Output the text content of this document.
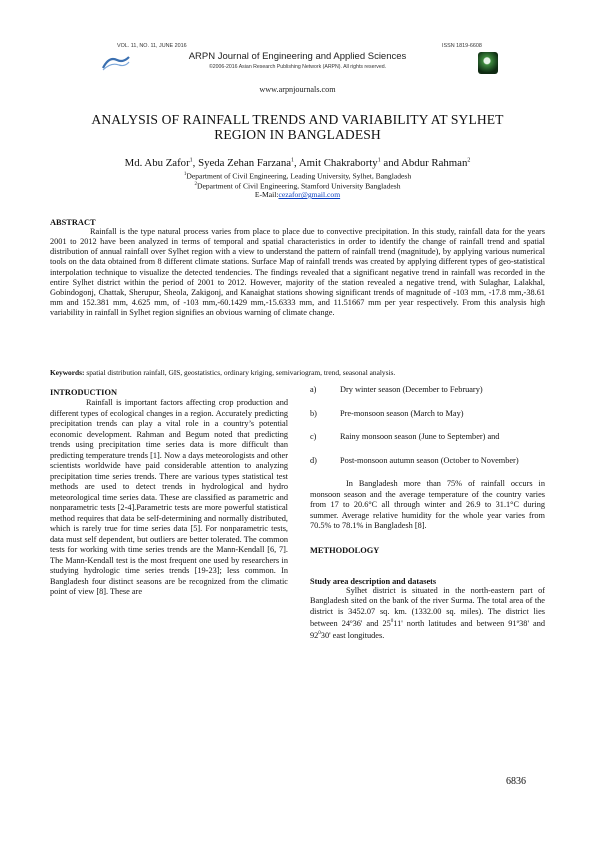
VOL. 11, NO. 11, JUNE 2016	ISSN 1819-6608
ARPN Journal of Engineering and Applied Sciences
©2006-2016 Asian Research Publishing Network (ARPN). All rights reserved.
www.arpnjournals.com
ANALYSIS OF RAINFALL TRENDS AND VARIABILITY AT SYLHET
REGION IN BANGLADESH
Md. Abu Zafor$^1$, Syeda Zehan Farzana$^1$, Amit Chakraborty$^1$ and Abdur Rahman$^2$
$^1$Department of Civil Engineering, Leading University, Sylhet, Bangladesh
$^2$Department of Civil Engineering, Stamford University Bangladesh
E-Mail:cezafor@gmail.com
ABSTRACT

Rainfall is the type natural process varies from place to place due to convective precipitation. In this study, rainfall data for the years 2001 to 2012 have been analyzed in terms of temporal and spatial characteristics in order to identify the change of rainfall trend and spatial distribution of annual rainfall over Sylhet region with a view to understand the pattern of rainfall trend (magnitude), by applying various numerical tools on the data obtained from 8 different climate stations. Surface Map of rainfall trends was created by applying different types of geo-statistical interpolation technique to visualize the detected tendencies. The findings revealed that a significant negative trend in rainfall was recorded in the entire Sylhet district within the period of 2001 to 2012. However, majority of the station revealed a negative trend, with Sulaghar, Lalakhal, Gobindogonj, Chattak, Sherupur, Sheola, Zakigonj, and Kanaighat stations showing significant trends of magnitude of -103 mm, -17.8 mm,-38.61 mm and 152.381 mm, 4.625 mm, of -103 mm,-60.1429 mm,-15.6333 mm, and 11.51667 mm per year respectively. From this analysis high variability in rainfall in Sylhet region signifies an obvious warning of climate change.

Keywords: spatial distribution rainfall, GIS, geostatistics, ordinary kriging, semivariogram, trend, seasonal analysis.

INTRODUCTION

Rainfall is important factors affecting crop production and different types of ecological changes in a region. Accurately predicting precipitation trends can play a vital role in a country’s potential economic development. Rahman and Begum noted that predicting trends using precipitation time series data is more difficult than predicting temperature trends [1]. Now a days meteorologists and other scientists worldwide have paid considerable attention to analyzing precipitation time series trends. There are various types statistical test methods are used to detect trends in hydrological and hydro meteorological time series data. These are classified as parametric and nonparametric tests [2-4].Parametric tests are more powerful statistical method requires that data be self-determining and normally distributed, which is rarely true for time series data [5]. For nonparametric tests, data must self dependent, but outliers are better tolerated. The common tests for working with time series trends are the Mann-Kendall [6, 7]. The Mann-Kendall test is the most frequent one used by researchers in studying hydrologic time series trends [19-23]; less common. In Bangladesh four distinct seasons are be recognized from the climatic point of view [8]. These are

a)	Dry winter season (December to February)
b)	Pre-monsoon season (March to May)
c)	Rainy monsoon season (June to September) and
d)	Post-monsoon autumn season (October to November)

In Bangladesh more than 75% of rainfall occurs in monsoon season and the average temperature of the country varies from 17 to 20.6°C all through winter and 26.9 to 31.1°C during summer. Average relative humidity for the whole year varies from 70.5% to 78.1% in Bangladesh [8].

METHODOLOGY
Study area description and datasets

Sylhet district is situated in the north-eastern part of Bangladesh sited on the bank of the river Surma. The total area of the district is 3452.07 sq. km. (1332.00 sq. miles). The district lies between 24º36' and $25^011'$ north latitudes and between 91º38' and $92^030'$ east longitudes.

6836
